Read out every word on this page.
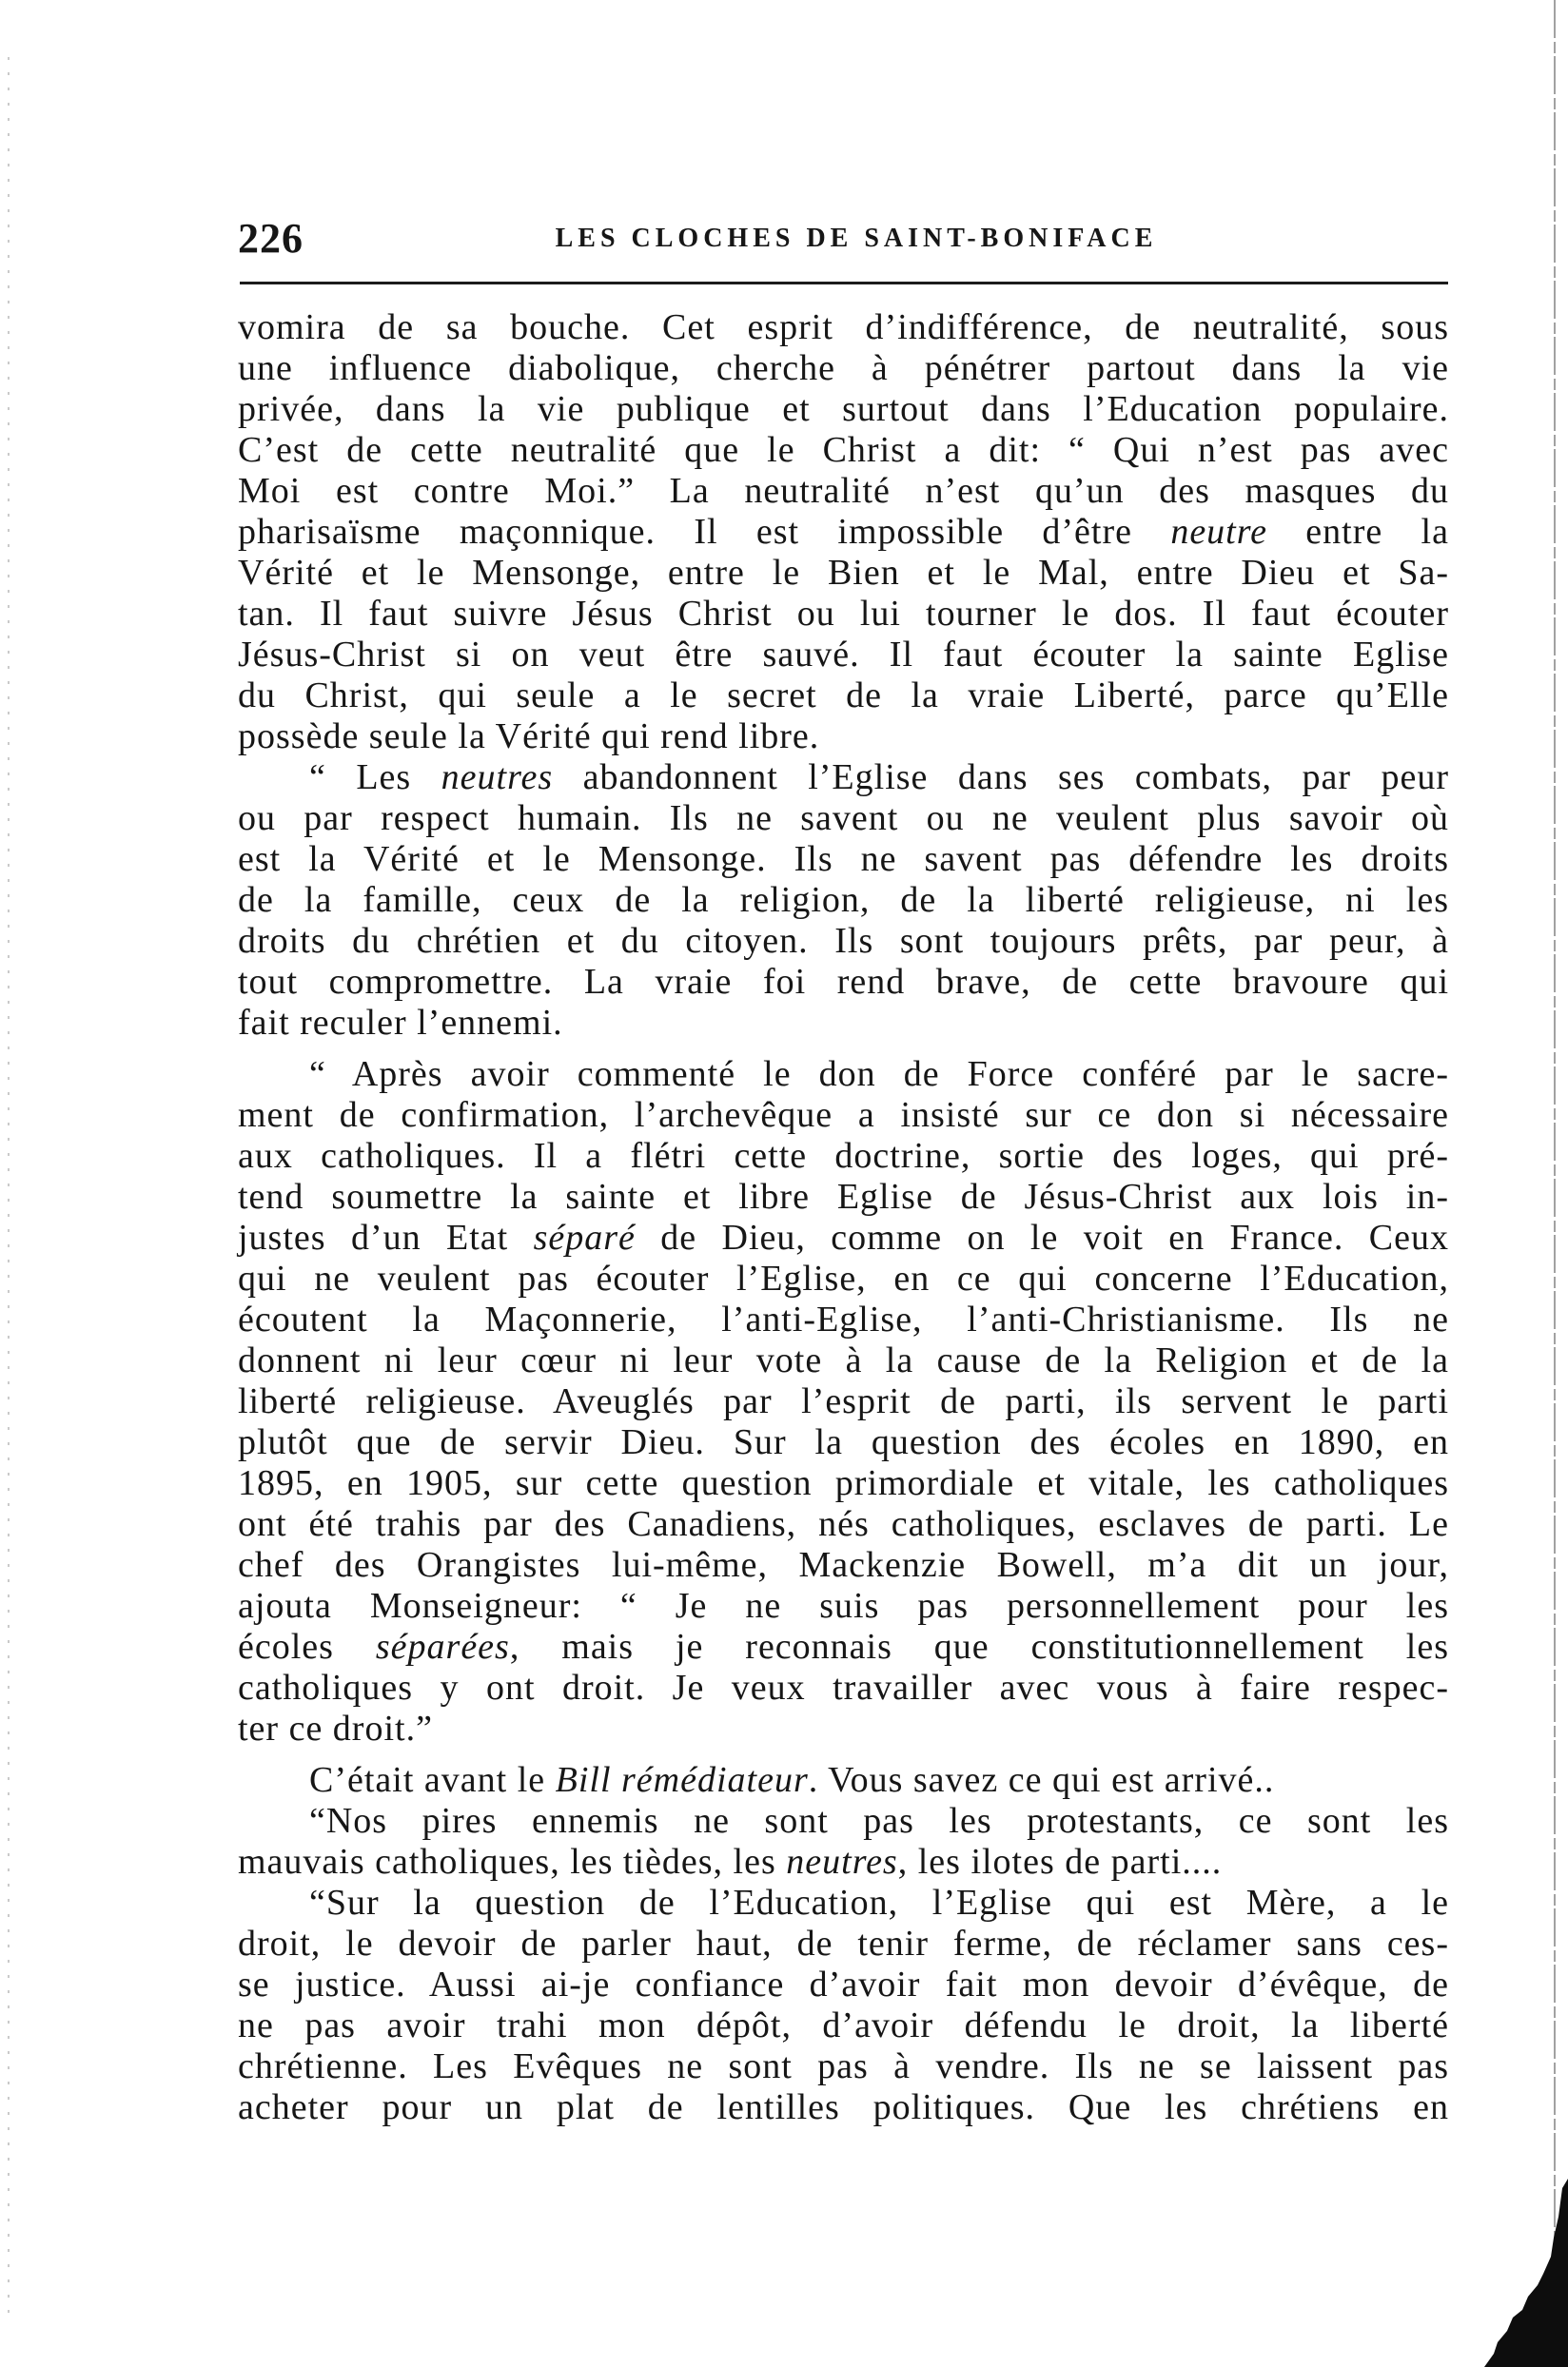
226	LES CLOCHES DE SAINT-BONIFACE
vomira de sa bouche. Cet esprit d’indifférence, de neutralité, sous
une influence diabolique, cherche à pénétrer partout dans la vie
privée, dans la vie publique et surtout dans l’Education populaire.
C’est de cette neutralité que le Christ a dit: “ Qui n’est pas avec
Moi est contre Moi.” La neutralité n’est qu’un des masques du
pharisaïsme maçonnique. Il est impossible d’être neutre entre la
Vérité et le Mensonge, entre le Bien et le Mal, entre Dieu et Sa-
tan. Il faut suivre Jésus Christ ou lui tourner le dos. Il faut écouter
Jésus-Christ si on veut être sauvé. Il faut écouter la sainte Eglise
du Christ, qui seule a le secret de la vraie Liberté, parce qu’Elle
possède seule la Vérité qui rend libre.
“ Les neutres abandonnent l’Eglise dans ses combats, par peur
ou par respect humain. Ils ne savent ou ne veulent plus savoir où
est la Vérité et le Mensonge. Ils ne savent pas défendre les droits
de la famille, ceux de la religion, de la liberté religieuse, ni les
droits du chrétien et du citoyen. Ils sont toujours prêts, par peur, à
tout compromettre. La vraie foi rend brave, de cette bravoure qui
fait reculer l’ennemi.
“ Après avoir commenté le don de Force conféré par le sacre-
ment de confirmation, l’archevêque a insisté sur ce don si nécessaire
aux catholiques. Il a flétri cette doctrine, sortie des loges, qui pré-
tend soumettre la sainte et libre Eglise de Jésus-Christ aux lois in-
justes d’un Etat séparé de Dieu, comme on le voit en France. Ceux
qui ne veulent pas écouter l’Eglise, en ce qui concerne l’Education,
écoutent la Maçonnerie, l’anti-Eglise, l’anti-Christianisme. Ils ne
donnent ni leur cœur ni leur vote à la cause de la Religion et de la
liberté religieuse. Aveuglés par l’esprit de parti, ils servent le parti
plutôt que de servir Dieu. Sur la question des écoles en 1890, en
1895, en 1905, sur cette question primordiale et vitale, les catholiques
ont été trahis par des Canadiens, nés catholiques, esclaves de parti. Le
chef des Orangistes lui-même, Mackenzie Bowell, m’a dit un jour,
ajouta Monseigneur: “ Je ne suis pas personnellement pour les
écoles séparées, mais je reconnais que constitutionnellement les
catholiques y ont droit. Je veux travailler avec vous à faire respec-
ter ce droit.”
C’était avant le Bill rémédiateur. Vous savez ce qui est arrivé..
“Nos pires ennemis ne sont pas les protestants, ce sont les
mauvais catholiques, les tièdes, les neutres, les ilotes de parti....
“Sur la question de l’Education, l’Eglise qui est Mère, a le
droit, le devoir de parler haut, de tenir ferme, de réclamer sans ces-
se justice. Aussi ai-je confiance d’avoir fait mon devoir d’évêque, de
ne pas avoir trahi mon dépôt, d’avoir défendu le droit, la liberté
chrétienne. Les Evêques ne sont pas à vendre. Ils ne se laissent pas
acheter pour un plat de lentilles politiques. Que les chrétiens en
